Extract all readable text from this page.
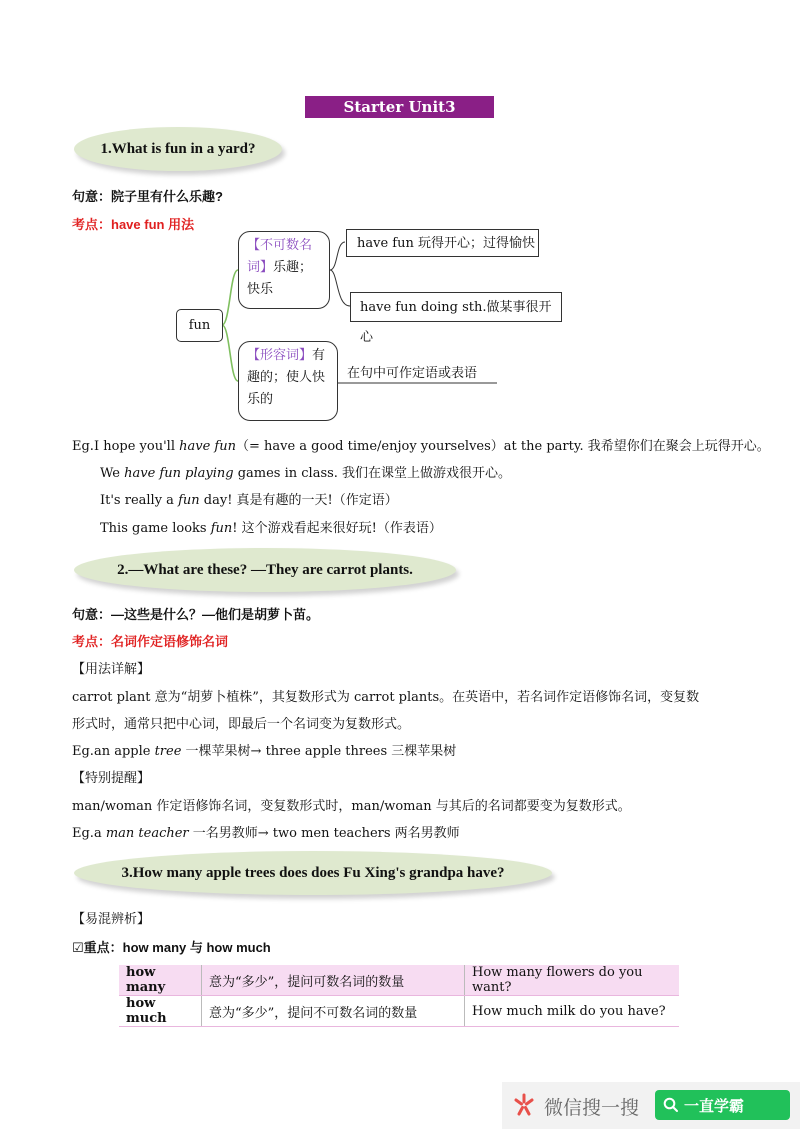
Starter Unit3 Welcome!
1.What is fun in a yard?
句意：院子里有什么乐趣?
考点：have fun 用法
fun
【不可数名词】乐趣；快乐
have fun 玩得开心；过得愉快
have fun doing sth.做某事很开心
【形容词】有趣的；使人快乐的
在句中可作定语或表语
Eg.I hope you'll have fun（= have a good time/enjoy yourselves）at the party. 我希望你们在聚会上玩得开心。
We have fun playing games in class. 我们在课堂上做游戏很开心。
It's really a fun day! 真是有趣的一天!（作定语）
This game looks fun! 这个游戏看起来很好玩!（作表语）
2.—What are these? —They are carrot plants.
句意：—这些是什么？—他们是胡萝卜苗。
考点：名词作定语修饰名词
【用法详解】
carrot plant 意为“胡萝卜植株”，其复数形式为 carrot plants。在英语中，若名词作定语修饰名词，变复数
形式时，通常只把中心词，即最后一个名词变为复数形式。
Eg.an apple tree 一棵苹果树→ three apple threes 三棵苹果树
【特别提醒】
man/woman 作定语修饰名词，变复数形式时，man/woman 与其后的名词都要变为复数形式。
Eg.a man teacher 一名男教师→ two men teachers 两名男教师
3.How many apple trees does does Fu Xing's grandpa have?
【易混辨析】
☑重点：how many 与 how much
how many	意为“多少”，提问可数名词的数量	How many flowers do you want?
how much	意为“多少”，提问不可数名词的数量	How much milk do you have?
微信搜一搜	一直学霸
